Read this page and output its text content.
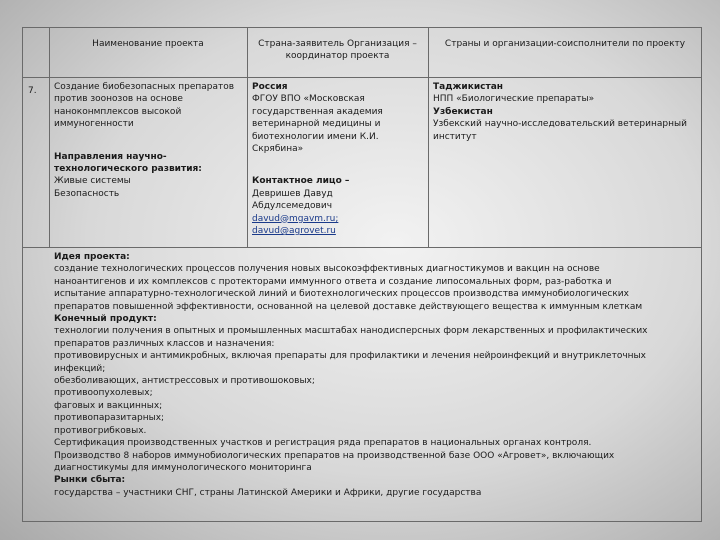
Наименование проекта	Страна-заявитель Организация –координатор проекта
Страны и организации-соисполнители по проекту
7. Создание биобезопасных препаратов против зоонозов на основе наноконмплексов высокой иммуногенности
Направления научно-технологического развития:
Живые системы
Безопасность
Россия
ФГОУ ВПО «Московская государственная академия ветеринарной медицины и биотехнологии имени К.И. Скрябина»
Контактное лицо –
Девришев Давуд Абдулсемедович
davud@mgavm.ru;
davud@agrovet.ru
Таджикистан
НПП «Биологические препараты»
Узбекистан
Узбекский научно-исследовательский ветеринарный институт
Идея проекта:
создание технологических процессов получения новых высокоэффективных диагностикумов и вакцин на основе
наноантигенов и их комплексов с протекторами иммунного ответа и создание липосомальных форм, раз-работка и
испытание аппаратурно-технологической линий и биотехнологических процессов производства иммунобиологических
препаратов повышенной эффективности, основанной на целевой доставке действующего вещества к иммунным клеткам
Конечный продукт:
технологии получения в опытных и промышленных масштабах нанодисперсных форм лекарственных и профилактических
препаратов различных классов и назначения:
противовирусных и антимикробных, включая препараты для профилактики и лечения нейроинфекций и внутриклеточных
инфекций;
обезболивающих, антистрессовых и противошоковых;
противоопухолевых;
фаговых и вакцинных;
противопаразитарных;
противогрибковых.
Сертификация производственных участков и регистрация ряда препаратов в национальных органах контроля.
Производство 8 наборов иммунобиологических препаратов на производственной базе ООО «Агровет», включающих
диагностикумы для иммунологического мониторинга
Рынки сбыта:
государства – участники СНГ, страны Латинской Америки и Африки, другие государства
